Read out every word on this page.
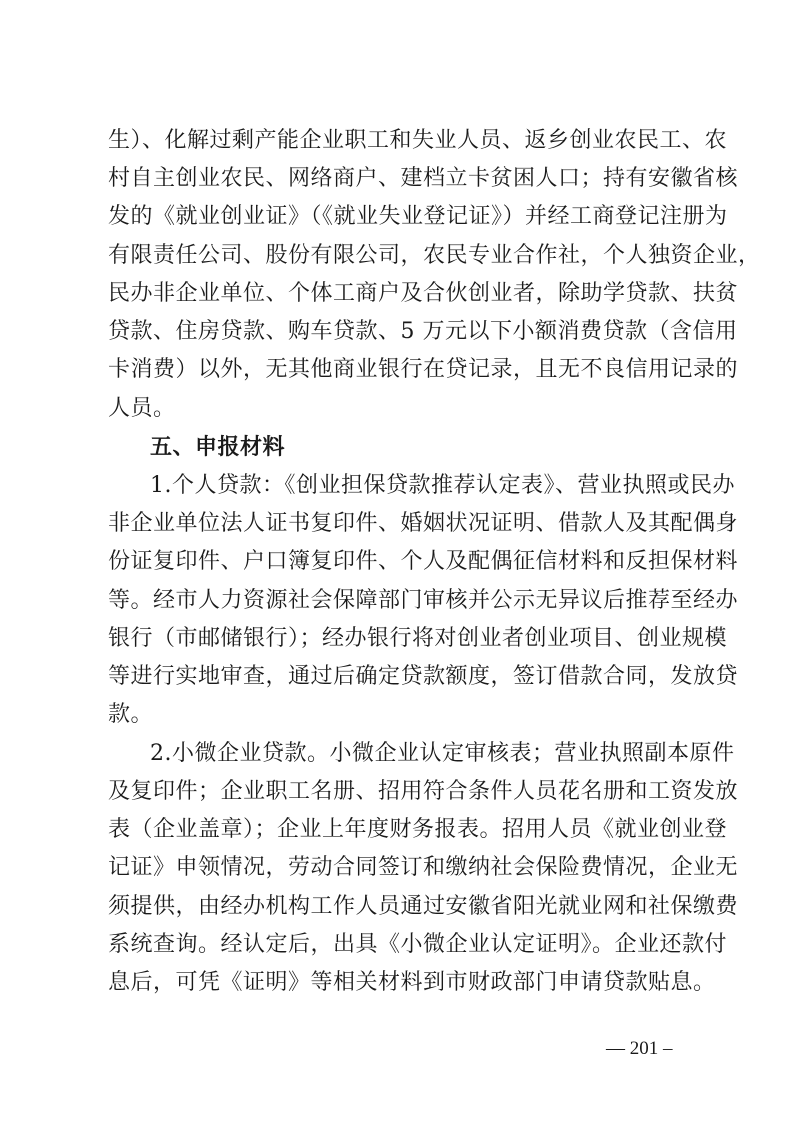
生）、化解过剩产能企业职工和失业人员、返乡创业农民工、农
村自主创业农民、网络商户、建档立卡贫困人口；持有安徽省核
发的《就业创业证》（《就业失业登记证》）并经工商登记注册为
有限责任公司、股份有限公司，农民专业合作社，个人独资企业，
民办非企业单位、个体工商户及合伙创业者，除助学贷款、扶贫
贷款、住房贷款、购车贷款、5 万元以下小额消费贷款（含信用
卡消费）以外，无其他商业银行在贷记录，且无不良信用记录的
人员。
五、申报材料
1.个人贷款：《创业担保贷款推荐认定表》、营业执照或民办
非企业单位法人证书复印件、婚姻状况证明、借款人及其配偶身
份证复印件、户口簿复印件、个人及配偶征信材料和反担保材料
等。经市人力资源社会保障部门审核并公示无异议后推荐至经办
银行（市邮储银行）；经办银行将对创业者创业项目、创业规模
等进行实地审查，通过后确定贷款额度，签订借款合同，发放贷
款。
2.小微企业贷款。小微企业认定审核表；营业执照副本原件
及复印件；企业职工名册、招用符合条件人员花名册和工资发放
表（企业盖章）；企业上年度财务报表。招用人员《就业创业登
记证》申领情况，劳动合同签订和缴纳社会保险费情况，企业无
须提供，由经办机构工作人员通过安徽省阳光就业网和社保缴费
系统查询。经认定后，出具《小微企业认定证明》。企业还款付
息后，可凭《证明》等相关材料到市财政部门申请贷款贴息。
— 201 –
